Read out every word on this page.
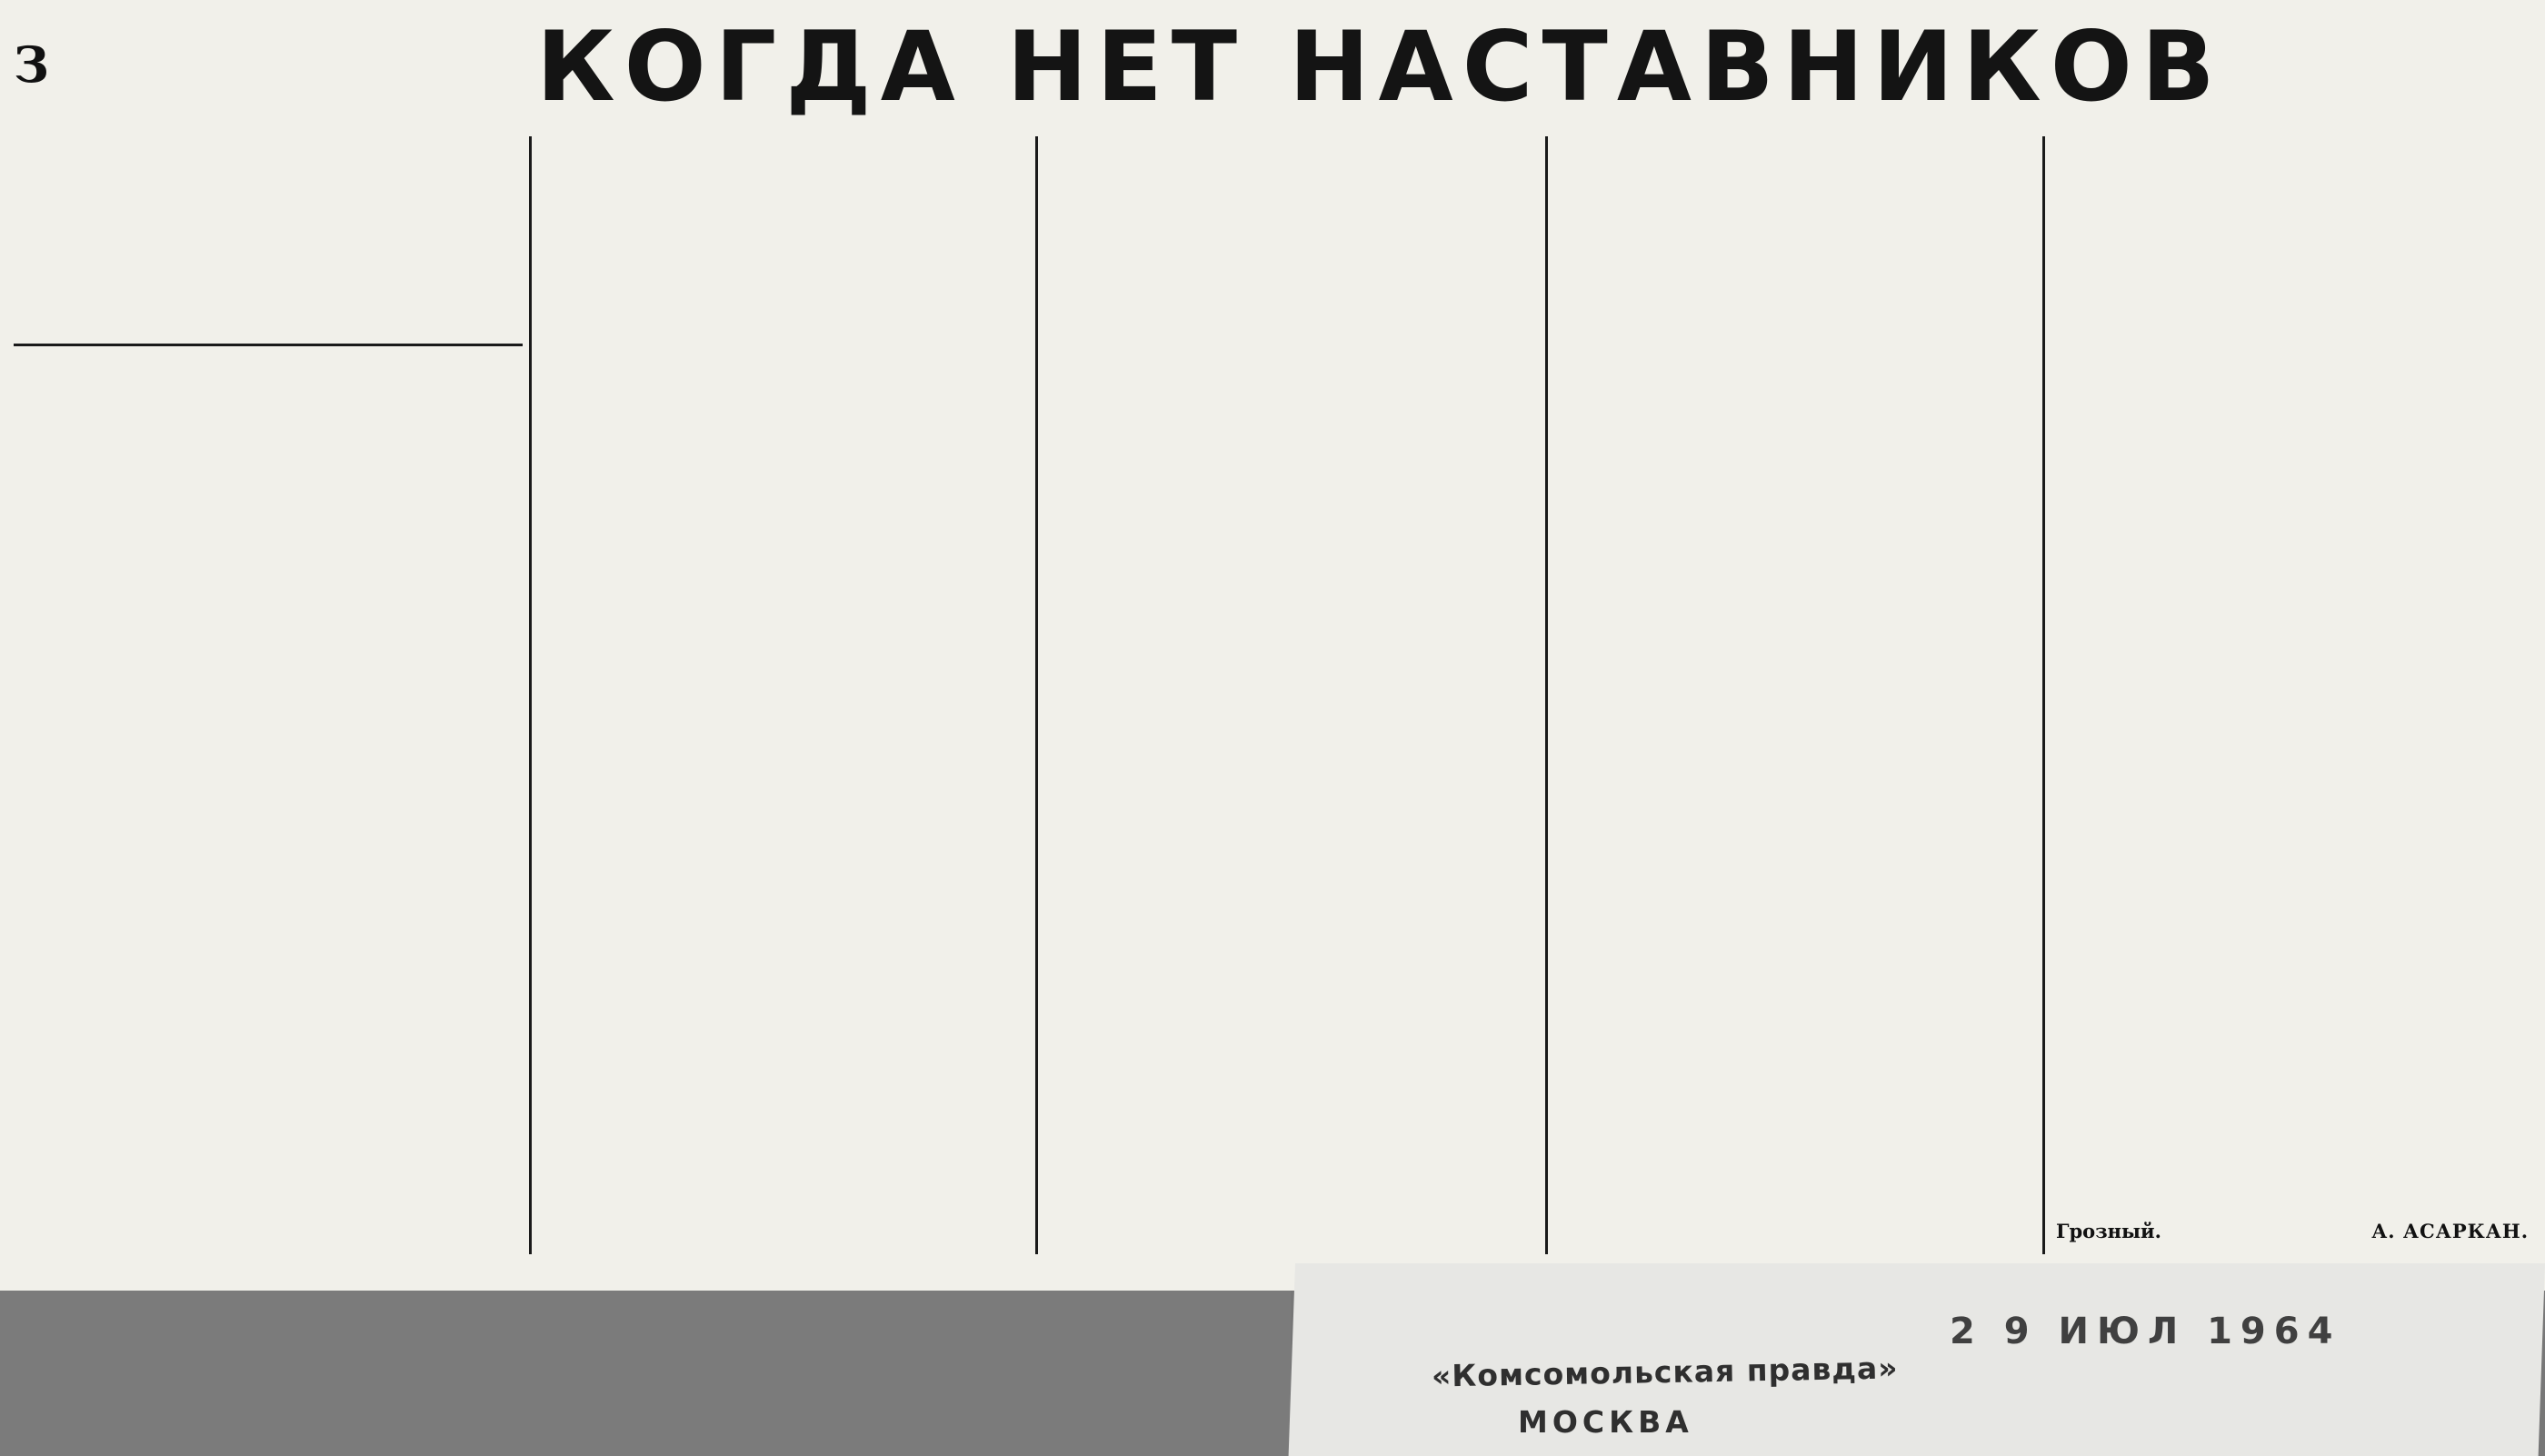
КОГДА НЕТ НАСТАВНИКОВ

З

Грозный.	А. АСАРКАН.
«Комсомольская правда»
МОСКВА
2 9 ИЮЛ 1964
